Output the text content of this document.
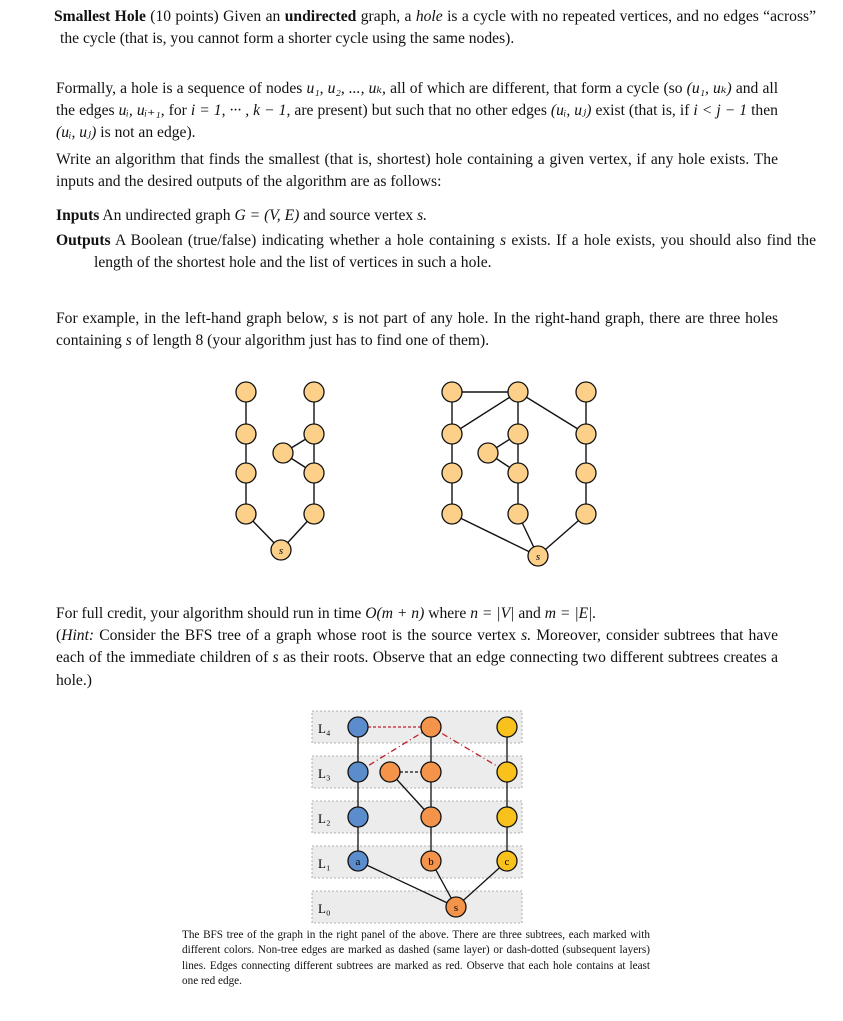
Smallest Hole (10 points) Given an undirected graph, a hole is a cycle with no repeated vertices, and no edges “across” the cycle (that is, you cannot form a shorter cycle using the same nodes).

Formally, a hole is a sequence of nodes u₁, u₂, ..., uₖ, all of which are different, that form a cycle (so (u₁, uₖ) and all the edges uᵢ, uᵢ₊₁, for i = 1, ··· , k − 1, are present) but such that no other edges (uᵢ, uⱼ) exist (that is, if i < j − 1 then (uᵢ, uⱼ) is not an edge).

Write an algorithm that finds the smallest (that is, shortest) hole containing a given vertex, if any hole exists. The inputs and the desired outputs of the algorithm are as follows:

Inputs An undirected graph G = (V, E) and source vertex s.

Outputs A Boolean (true/false) indicating whether a hole containing s exists. If a hole exists, you should also find the length of the shortest hole and the list of vertices in such a hole.

For example, in the left-hand graph below, s is not part of any hole. In the right-hand graph, there are three holes containing s of length 8 (your algorithm just has to find one of them).

For full credit, your algorithm should run in time O(m + n) where n = |V| and m = |E|.
(Hint: Consider the BFS tree of a graph whose root is the source vertex s. Moreover, consider subtrees that have each of the immediate children of s as their roots. Observe that an edge connecting two different subtrees creates a hole.)

s	s
L₄
L₃
L₂
L₁
L₀
a	b	c
s

The BFS tree of the graph in the right panel of the above. There are three subtrees, each marked with different colors. Non-tree edges are marked as dashed (same layer) or dash-dotted (subsequent layers) lines. Edges connecting different subtrees are marked as red. Observe that each hole contains at least one red edge.
